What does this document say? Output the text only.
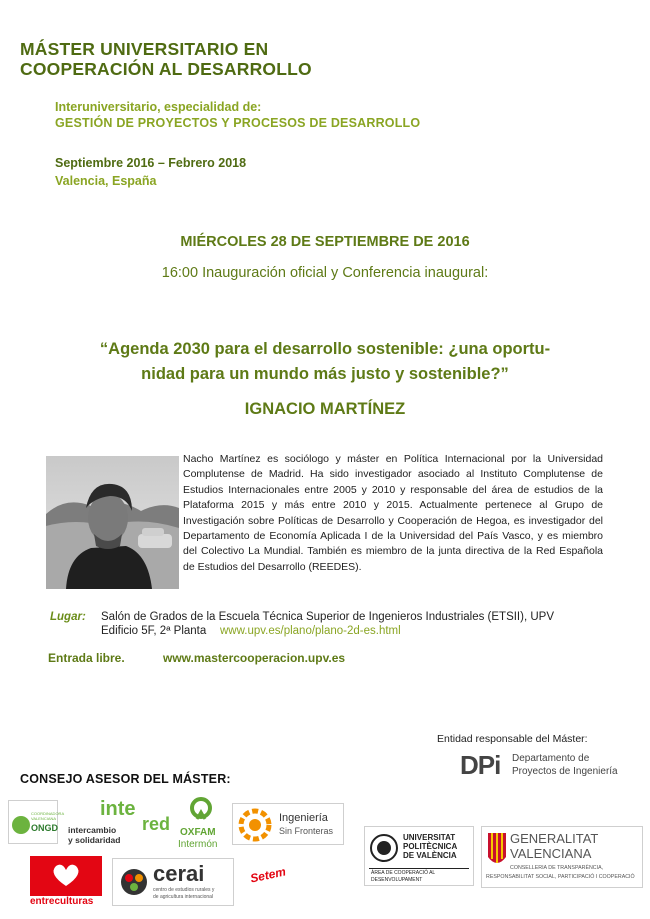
MÁSTER UNIVERSITARIO EN
COOPERACIÓN AL DESARROLLO
Interuniversitario, especialidad de:
GESTIÓN DE PROYECTOS Y PROCESOS DE DESARROLLO
Septiembre 2016 – Febrero 2018
Valencia, España
MIÉRCOLES 28 DE SEPTIEMBRE DE 2016
16:00 Inauguración oficial y Conferencia inaugural:
“Agenda 2030 para el desarrollo sostenible: ¿una oportu-
nidad para un mundo más justo y sostenible?”
IGNACIO MARTÍNEZ
Nacho Martínez es sociólogo y máster en Política Internacional por la Universidad Complutense de Madrid. Ha sido investigador asociado al Instituto Complutense de Estudios Internacionales entre 2005 y 2010 y responsable del área de estudios de la Plataforma 2015 y más entre 2010 y 2015. Actualmente pertenece al Grupo de Investigación sobre Políticas de Desarrollo y Cooperación de Hegoa, es investigador del Departamento de Economía Aplicada I de la Universidad del País Vasco, y es miembro del Colectivo La Mundial. También es miembro de la junta directiva de la Red Española de Estudios del Desarrollo (REEDES).
Lugar: Salón de Grados de la Escuela Técnica Superior de Ingenieros Industriales (ETSII), UPV
Edificio 5F, 2ª Planta www.upv.es/plano/plano-2d-es.html
Entrada libre.	www.mastercooperacion.upv.es
Entidad responsable del Máster:
DPi Departamento de
Proyectos de Ingeniería
CONSEJO ASESOR DEL MÁSTER:
COORDINADORA
VALENCIANA
ONGD
inte
red
intercambio
y solidaridad
OXFAM
Intermón
Ingeniería
Sin Fronteras
UNIVERSITAT
POLITÈCNICA
DE VALÈNCIA
ÀREA DE COOPERACIÓ AL
DESENVOLUPAMENT
GENERALITAT
VALENCIANA
CONSELLERIA DE TRANSPARÈNCIA,
RESPONSABILITAT SOCIAL, PARTICIPACIÓ I COOPERACIÓ
entreculturas
cerai
centro de estudios rurales y
de agricultura internacional
Setem
